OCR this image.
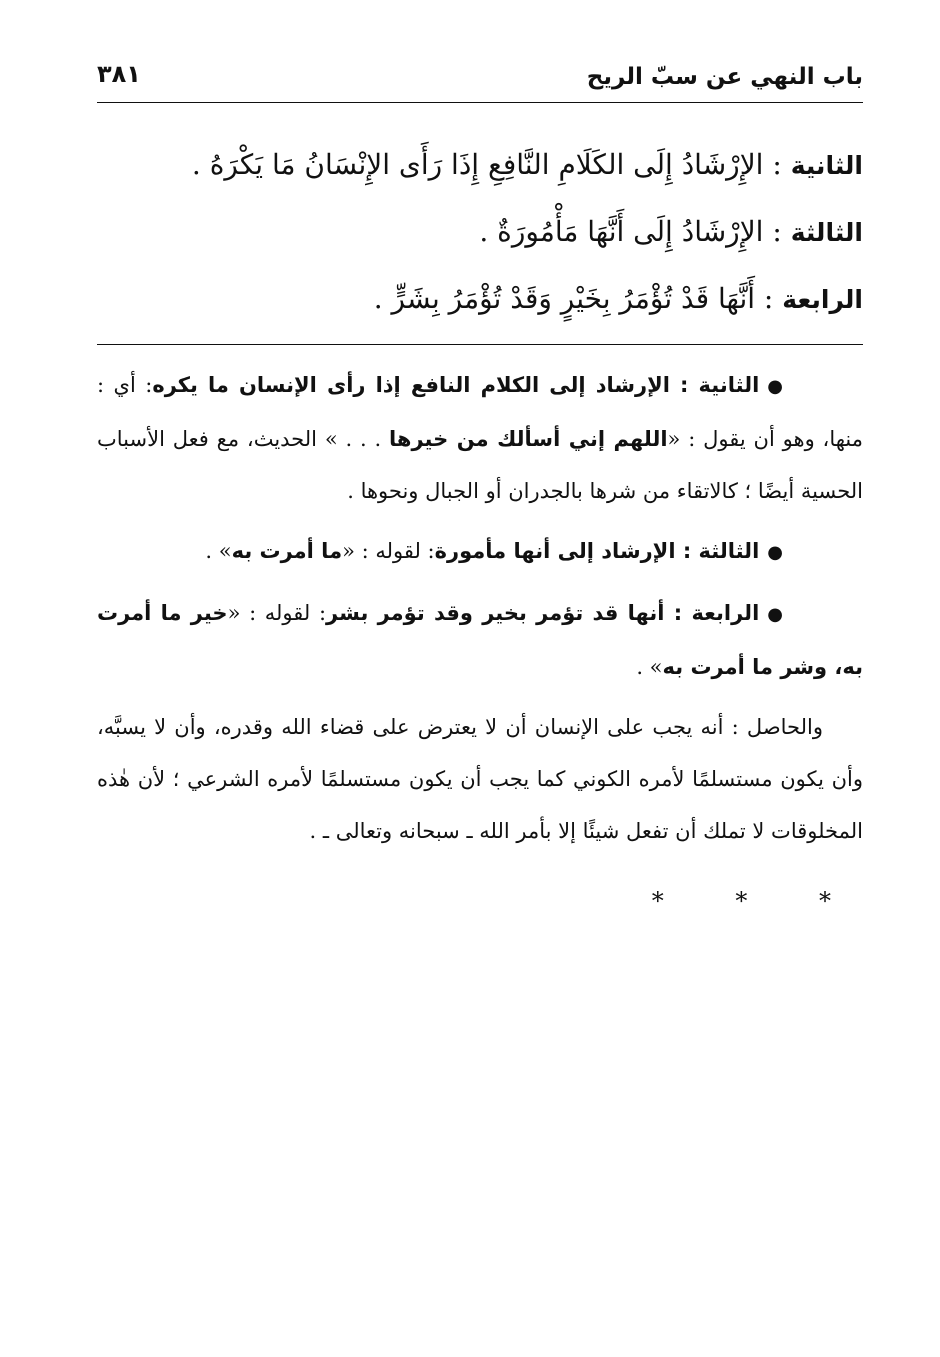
باب النهي عن سبّ الريح
٣٨١
الثانية : الإِرْشَادُ إِلَى الكَلَامِ النَّافِعِ إِذَا رَأَى الإِنْسَانُ مَا يَكْرَهُ .
الثالثة : الإِرْشَادُ إِلَى أَنَّهَا مَأْمُورَةٌ .
الرابعة : أَنَّهَا قَدْ تُؤْمَرُ بِخَيْرٍ وَقَدْ تُؤْمَرُ بِشَرٍّ .

●الثانية : الإرشاد إلى الكلام النافع إذا رأى الإنسان ما يكره: أي : منها، وهو أن يقول : «اللهم إني أسألك من خيرها . . . » الحديث، مع فعل الأسباب الحسية أيضًا ؛ كالاتقاء من شرها بالجدران أو الجبال ونحوها .

●الثالثة : الإرشاد إلى أنها مأمورة: لقوله : «ما أمرت به» .

●الرابعة : أنها قد تؤمر بخير وقد تؤمر بشر: لقوله : «خير ما أمرت به، وشر ما أمرت به» .

والحاصل : أنه يجب على الإنسان أن لا يعترض على قضاء الله وقدره، وأن لا يسبَّه، وأن يكون مستسلمًا لأمره الكوني كما يجب أن يكون مستسلمًا لأمره الشرعي ؛ لأن هٰذه المخلوقات لا تملك أن تفعل شيئًا إلا بأمر الله ـ سبحانه وتعالى ـ .

* * *
